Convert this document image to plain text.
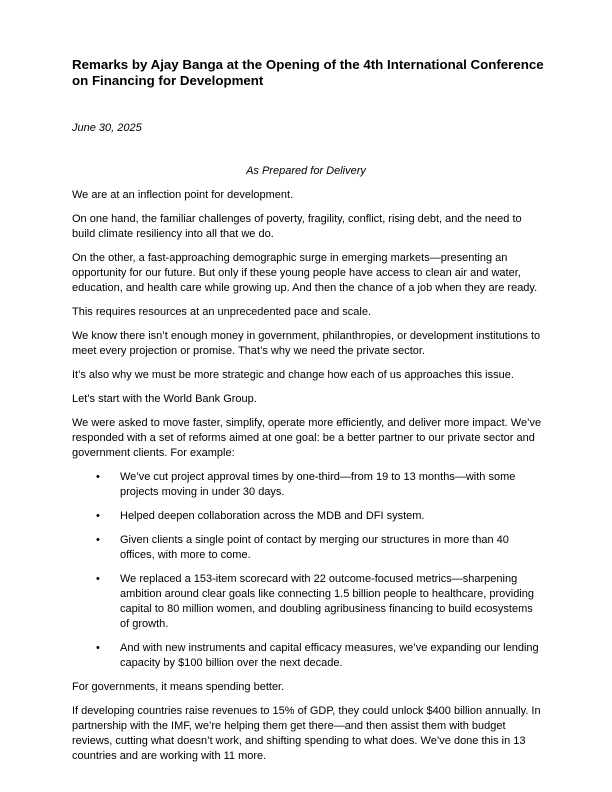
Remarks by Ajay Banga at the Opening of the 4th International Conference on Financing for Development

June 30, 2025

As Prepared for Delivery

We are at an inflection point for development.

On one hand, the familiar challenges of poverty, fragility, conflict, rising debt, and the need to build climate resiliency into all that we do.

On the other, a fast-approaching demographic surge in emerging markets—presenting an opportunity for our future. But only if these young people have access to clean air and water, education, and health care while growing up. And then the chance of a job when they are ready.

This requires resources at an unprecedented pace and scale.

We know there isn’t enough money in government, philanthropies, or development institutions to meet every projection or promise. That’s why we need the private sector.

It’s also why we must be more strategic and change how each of us approaches this issue.

Let’s start with the World Bank Group.

We were asked to move faster, simplify, operate more efficiently, and deliver more impact. We’ve responded with a set of reforms aimed at one goal: be a better partner to our private sector and government clients. For example:

• We’ve cut project approval times by one-third—from 19 to 13 months—with some projects moving in under 30 days.
• Helped deepen collaboration across the MDB and DFI system.
• Given clients a single point of contact by merging our structures in more than 40 offices, with more to come.
• We replaced a 153-item scorecard with 22 outcome-focused metrics—sharpening ambition around clear goals like connecting 1.5 billion people to healthcare, providing capital to 80 million women, and doubling agribusiness financing to build ecosystems of growth.
• And with new instruments and capital efficacy measures, we’ve expanding our lending capacity by $100 billion over the next decade.

For governments, it means spending better.

If developing countries raise revenues to 15% of GDP, they could unlock $400 billion annually. In partnership with the IMF, we’re helping them get there—and then assist them with budget reviews, cutting what doesn’t work, and shifting spending to what does. We’ve done this in 13 countries and are working with 11 more.
